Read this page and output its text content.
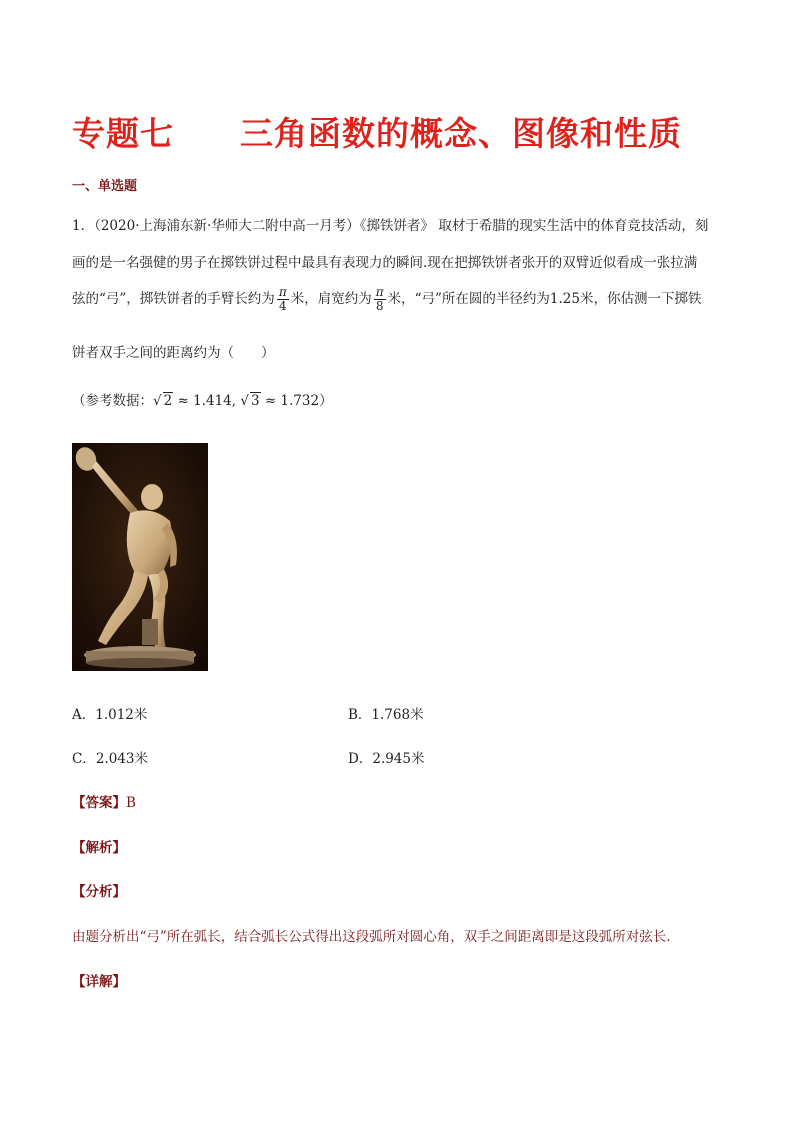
专题七 三角函数的概念、图像和性质
一、单选题
1．（2020·上海浦东新·华师大二附中高一月考）《掷铁饼者》 取材于希腊的现实生活中的体育竞技活动，刻
画的是一名强健的男子在掷铁饼过程中最具有表现力的瞬间.现在把掷铁饼者张开的双臂近似看成一张拉满
弦的“弓”，掷铁饼者的手臂长约为 $\frac{\pi}{4}$ 米，肩宽约为 $\frac{\pi}{8}$ 米，“弓”所在圆的半径约为1.25米，你估测一下掷铁
饼者双手之间的距离约为（　　）
（参考数据：√ 2 ≈ 1.414, √ 3 ≈ 1.732）
A．1.012米	B．1.768米
C．2.043米	D．2.945米
【答案】B
【解析】
【分析】
由题分析出“弓”所在弧长，结合弧长公式得出这段弧所对圆心角，双手之间距离即是这段弧所对弦长.
【详解】
